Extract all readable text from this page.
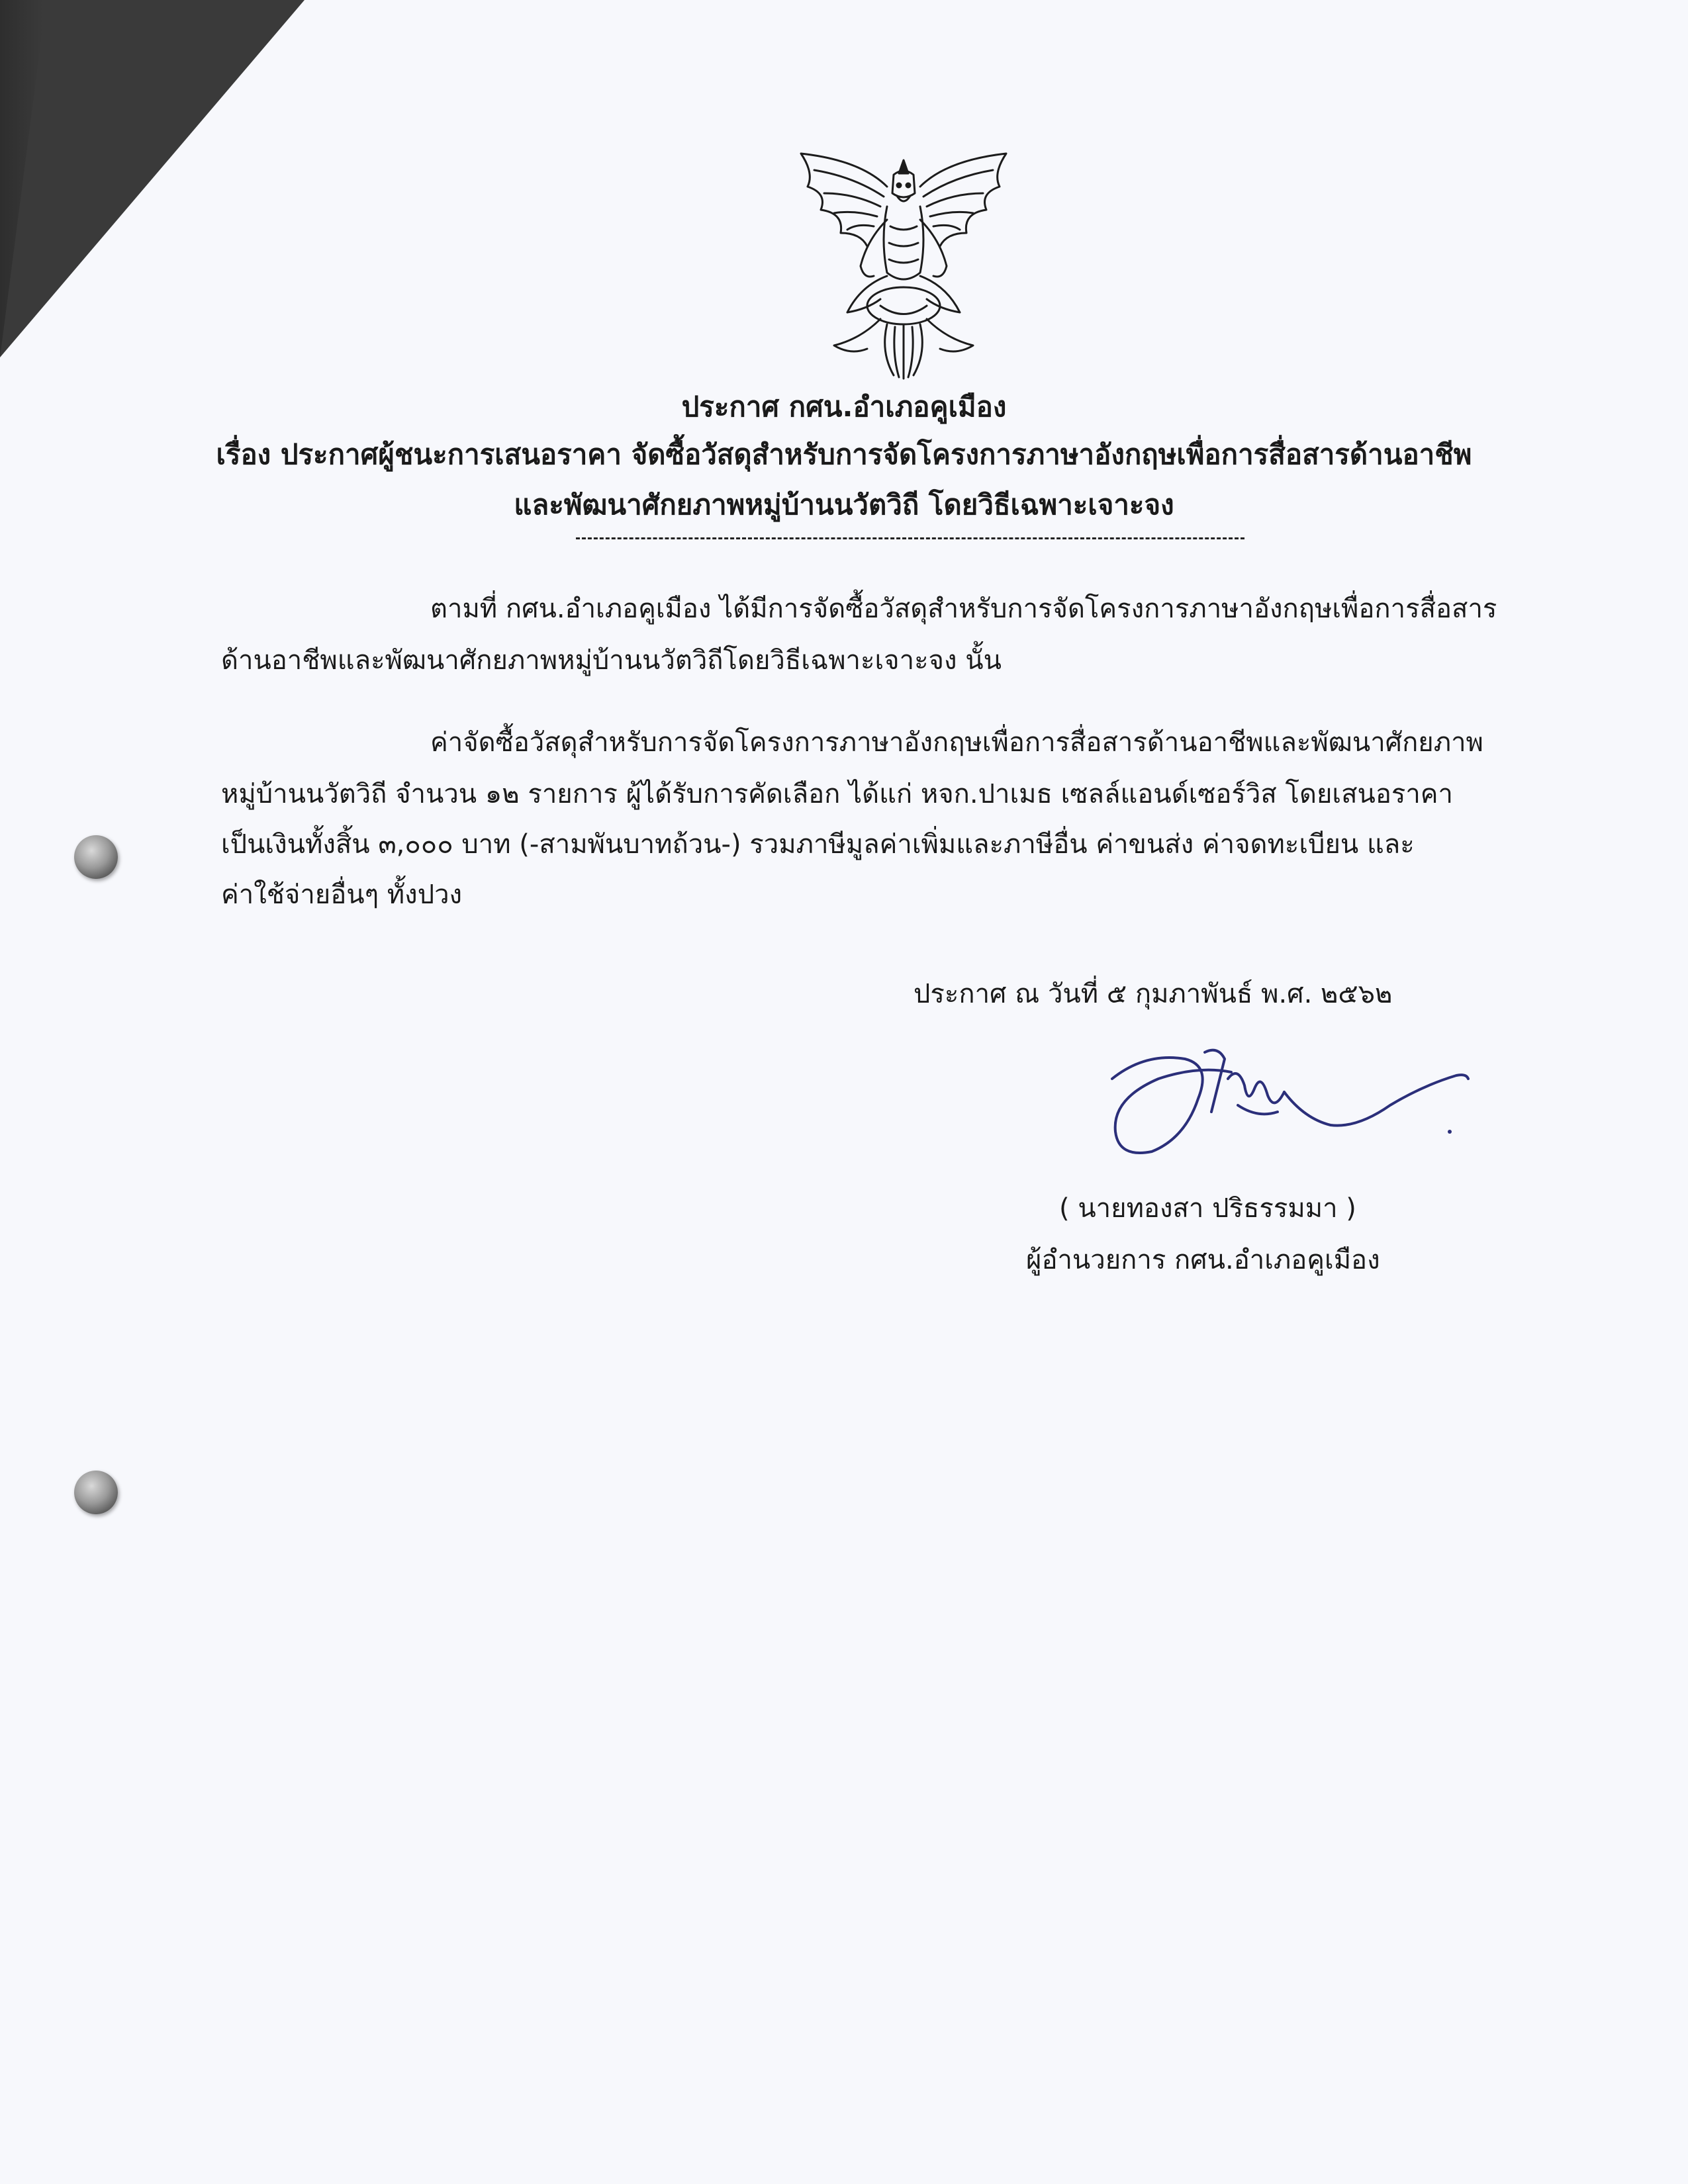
ประกาศ กศน.อำเภอคูเมือง
เรื่อง ประกาศผู้ชนะการเสนอราคา จัดซื้อวัสดุสำหรับการจัดโครงการภาษาอังกฤษเพื่อการสื่อสารด้านอาชีพ
และพัฒนาศักยภาพหมู่บ้านนวัตวิถี โดยวิธีเฉพาะเจาะจง
ตามที่ กศน.อำเภอคูเมือง ได้มีการจัดซื้อวัสดุสำหรับการจัดโครงการภาษาอังกฤษเพื่อการสื่อสาร
ด้านอาชีพและพัฒนาศักยภาพหมู่บ้านนวัตวิถีโดยวิธีเฉพาะเจาะจง นั้น
ค่าจัดซื้อวัสดุสำหรับการจัดโครงการภาษาอังกฤษเพื่อการสื่อสารด้านอาชีพและพัฒนาศักยภาพ
หมู่บ้านนวัตวิถี จำนวน ๑๒ รายการ ผู้ได้รับการคัดเลือก ได้แก่ หจก.ปาเมธ เซลล์แอนด์เซอร์วิส โดยเสนอราคา
เป็นเงินทั้งสิ้น ๓,๐๐๐ บาท (-สามพันบาทถ้วน-) รวมภาษีมูลค่าเพิ่มและภาษีอื่น ค่าขนส่ง ค่าจดทะเบียน และ
ค่าใช้จ่ายอื่นๆ ทั้งปวง
ประกาศ ณ วันที่ ๕ กุมภาพันธ์ พ.ศ. ๒๕๖๒
( นายทองสา ปริธรรมมา )
ผู้อำนวยการ กศน.อำเภอคูเมือง
